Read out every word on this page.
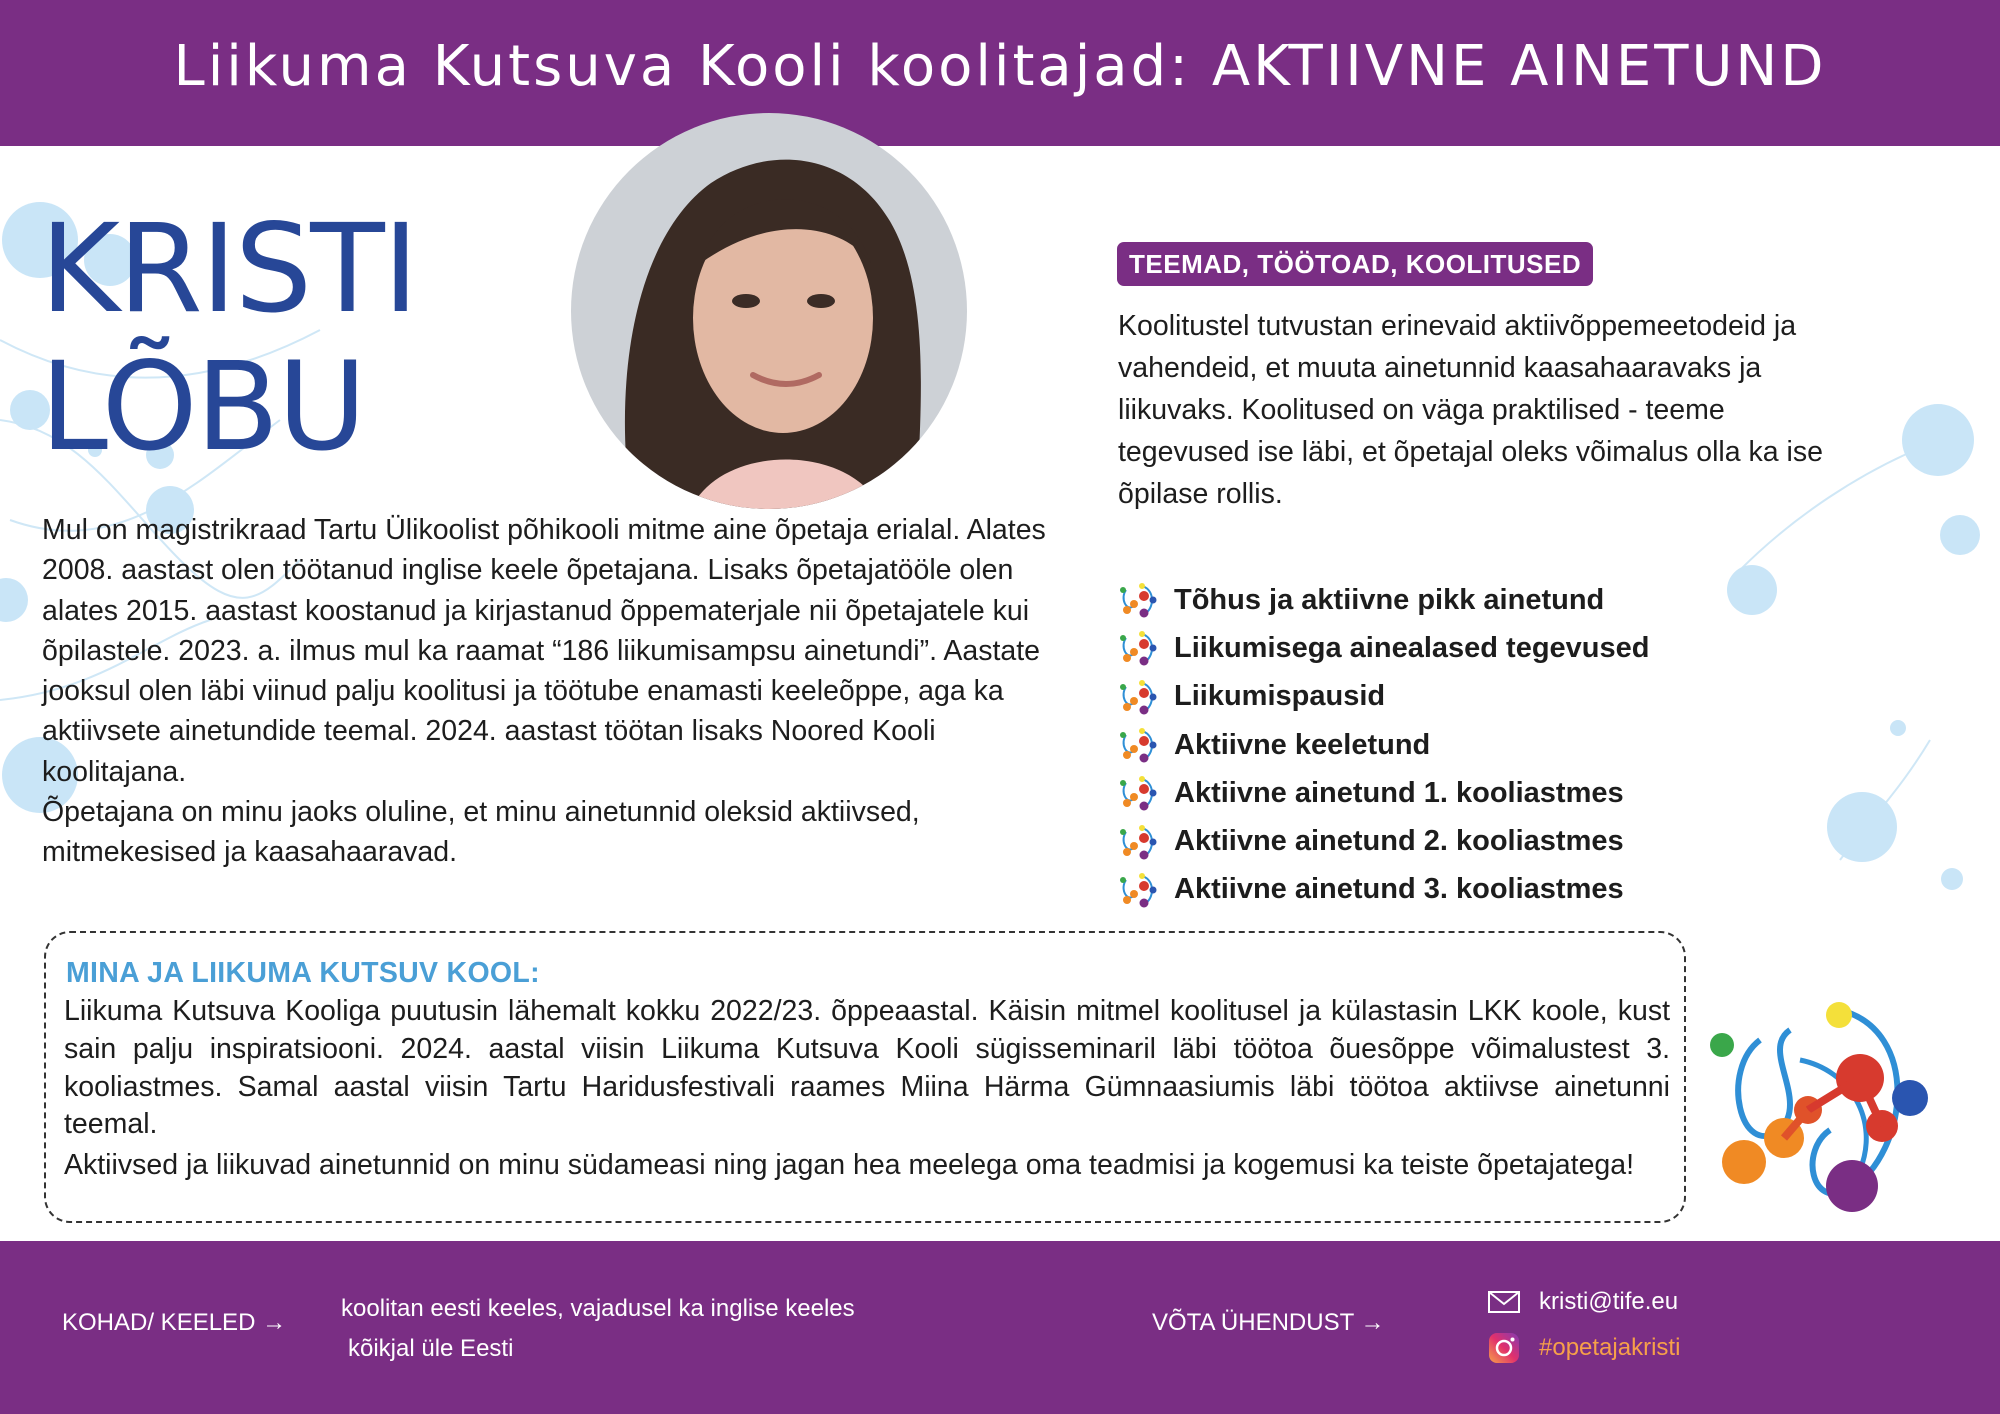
Liikuma Kutsuva Kooli koolitajad: AKTIIVNE AINETUND
KRISTI
LÕBU

Mul on magistrikraad Tartu Ülikoolist põhikooli mitme aine õpetaja erialal. Alates 2008. aastast olen töötanud inglise keele õpetajana. Lisaks õpetajatööle olen alates 2015. aastast koostanud ja kirjastanud õppematerjale nii õpetajatele kui õpilastele. 2023. a. ilmus mul ka raamat “186 liikumisampsu ainetundi”. Aastate jooksul olen läbi viinud palju koolitusi ja töötube enamasti keeleõppe, aga ka aktiivsete ainetundide teemal. 2024. aastast töötan lisaks Noored Kooli koolitajana.

Õpetajana on minu jaoks oluline, et minu ainetunnid oleksid aktiivsed, mitmekesised ja kaasahaaravad.

TEEMAD, TÖÖTOAD, KOOLITUSED

Koolitustel tutvustan erinevaid aktiivõppemeetodeid ja vahendeid, et muuta ainetunnid kaasahaaravaks ja liikuvaks. Koolitused on väga praktilised - teeme tegevused ise läbi, et õpetajal oleks võimalus olla ka ise õpilase rollis.

Tõhus ja aktiivne pikk ainetund
Liikumisega ainealased tegevused
Liikumispausid
Aktiivne keeletund
Aktiivne ainetund 1. kooliastmes
Aktiivne ainetund 2. kooliastmes
Aktiivne ainetund 3. kooliastmes
MINA JA LIIKUMA KUTSUV KOOL:

Liikuma Kutsuva Kooliga puutusin lähemalt kokku 2022/23. õppeaastal. Käisin mitmel koolitusel ja külastasin LKK koole, kust sain palju inspiratsiooni. 2024. aastal viisin Liikuma Kutsuva Kooli sügisseminaril läbi töötoa õuesõppe võimalustest 3. kooliastmes. Samal aastal viisin Tartu Haridusfestivali raames Miina Härma Gümnaasiumis läbi töötoa aktiivse ainetunni teemal.

Aktiivsed ja liikuvad ainetunnid on minu südameasi ning jagan hea meelega oma teadmisi ja kogemusi ka teiste õpetajatega!

KOHAD/ KEELED →
koolitan eesti keeles, vajadusel ka inglise keeles
kõikjal üle Eesti
VÕTA ÜHENDUST →
kristi@tife.eu
#opetajakristi
